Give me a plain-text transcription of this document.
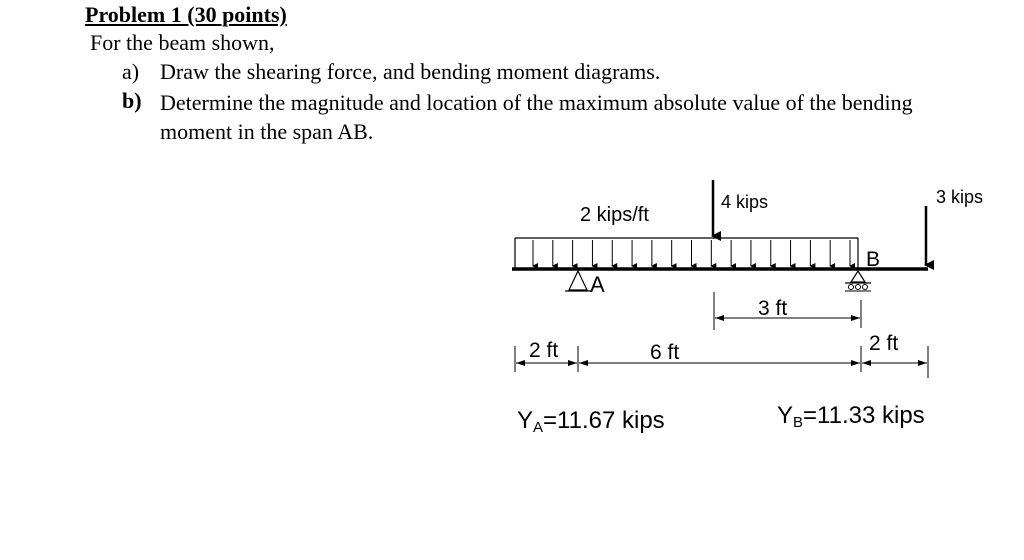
Problem 1 (30 points)
For the beam shown,
a) Draw the shearing force, and bending moment diagrams.
b) Determine the magnitude and location of the maximum absolute value of the bending moment in the span AB.
A
B
4 kips	3 kips
2 kips/ft
3 ft
2 ft	6 ft	2 ft
YA=11.67 kips	YB=11.33 kips
